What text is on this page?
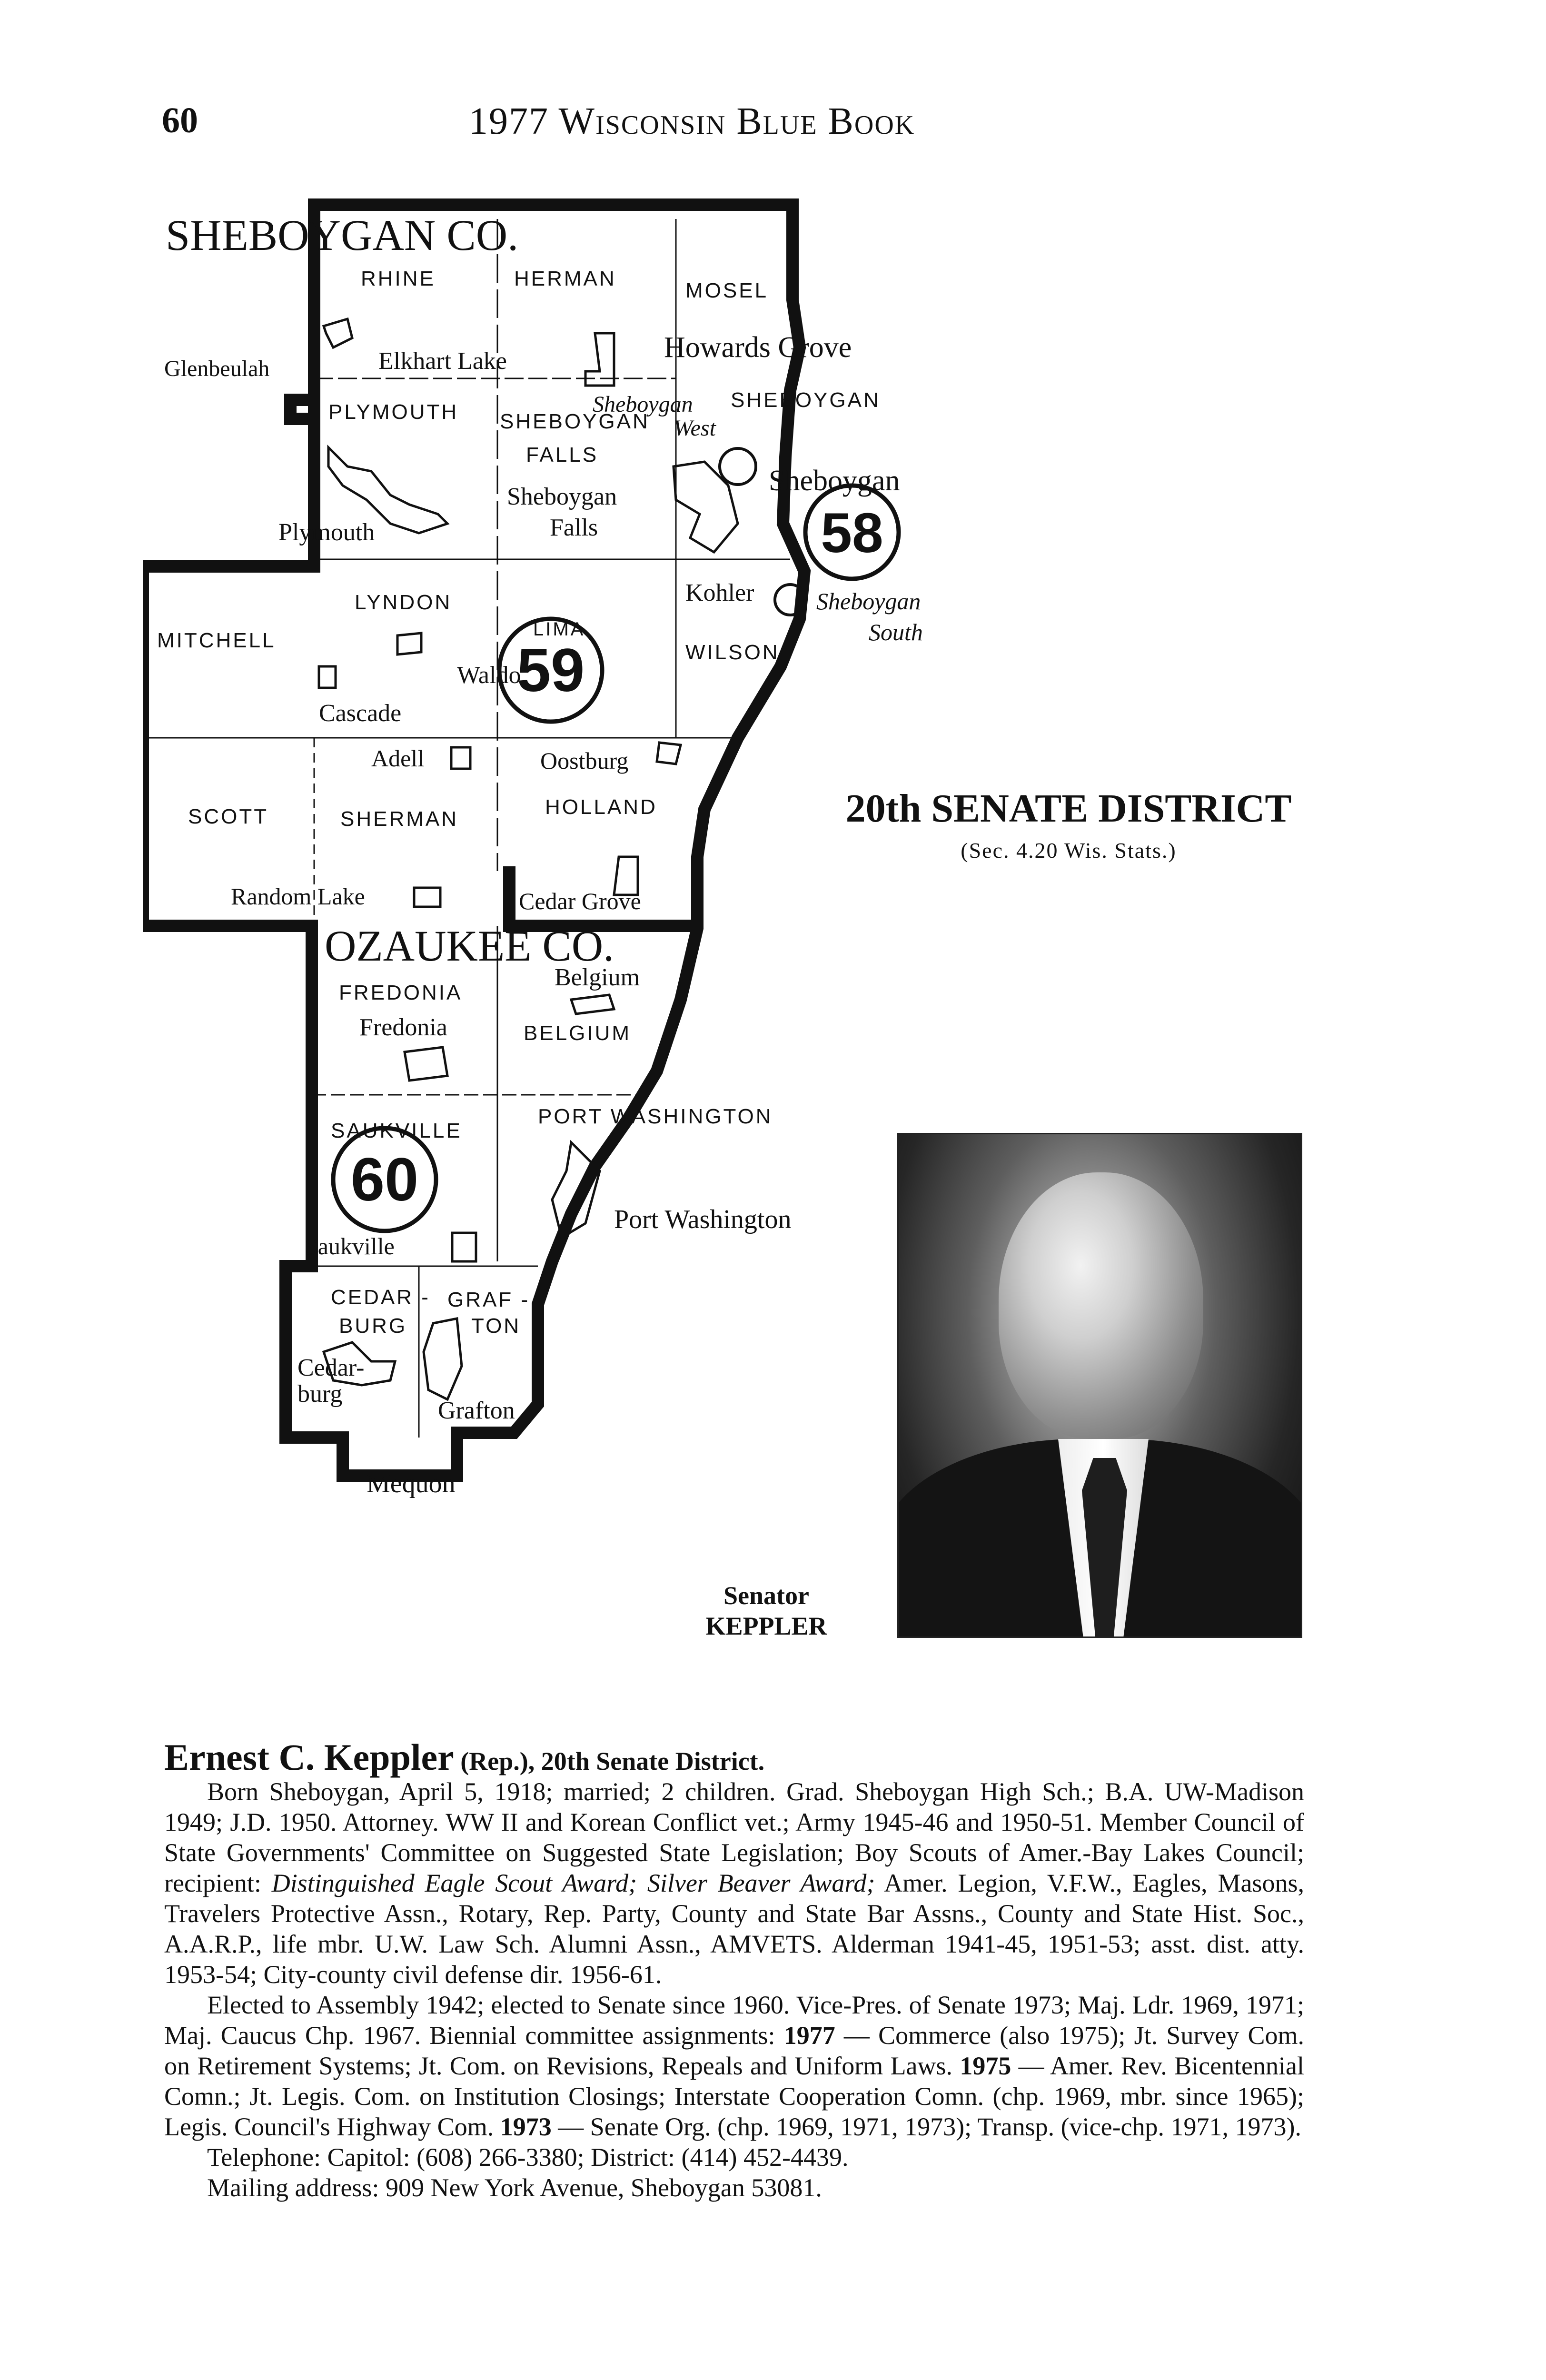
60	1977 Wisconsin Blue Book
SHEBOYGAN CO.
OZAUKEE CO.
RHINE	HERMAN
MOSEL
PLYMOUTH SHEBOYGAN
FALLS
SHEBOYGAN
LYNDON
LIMA
WILSON
MITCHELL
SCOTT	SHERMAN
HOLLAND
FREDONIA
BELGIUM
PORT WASHINGTON
SAUKVILLE
CEDAR -
BURG
GRAF -
TON
Glenbeulah	Elkhart Lake	Howards Grove
Sheboygan
Falls
Plymouth
Sheboygan
Kohler
Waldo
Cascade
Adell	Oostburg
Random Lake	Cedar Grove
Belgium
Fredonia
Port Washington
Saukville
Cedar-
burg
Grafton
Mequon
Sheboygan
West
Sheboygan
South
58
59
60
20th SENATE DISTRICT
(Sec. 4.20 Wis. Stats.)
Senator
KEPPLER

Ernest C. Keppler (Rep.), 20th Senate District.

Born Sheboygan, April 5, 1918; married; 2 children. Grad. Sheboygan High Sch.; B.A. UW-Madison 1949; J.D. 1950. Attorney. WW II and Korean Conflict vet.; Army 1945-46 and 1950-51. Member Council of State Governments' Committee on Suggested State Legislation; Boy Scouts of Amer.-Bay Lakes Council; recipient: Distinguished Eagle Scout Award; Silver Beaver Award; Amer. Legion, V.F.W., Eagles, Masons, Travelers Protective Assn., Rotary, Rep. Party, County and State Bar Assns., County and State Hist. Soc., A.A.R.P., life mbr. U.W. Law Sch. Alumni Assn., AMVETS. Alderman 1941-45, 1951-53; asst. dist. atty. 1953-54; City-county civil defense dir. 1956-61.

Elected to Assembly 1942; elected to Senate since 1960. Vice-Pres. of Senate 1973; Maj. Ldr. 1969, 1971; Maj. Caucus Chp. 1967. Biennial committee assignments: 1977 — Commerce (also 1975); Jt. Survey Com. on Retirement Systems; Jt. Com. on Revisions, Repeals and Uniform Laws. 1975 — Amer. Rev. Bicentennial Comn.; Jt. Legis. Com. on Institution Closings; Interstate Cooperation Comn. (chp. 1969, mbr. since 1965); Legis. Council's Highway Com. 1973 — Senate Org. (chp. 1969, 1971, 1973); Transp. (vice-chp. 1971, 1973).

Telephone: Capitol: (608) 266-3380; District: (414) 452-4439.

Mailing address: 909 New York Avenue, Sheboygan 53081.
